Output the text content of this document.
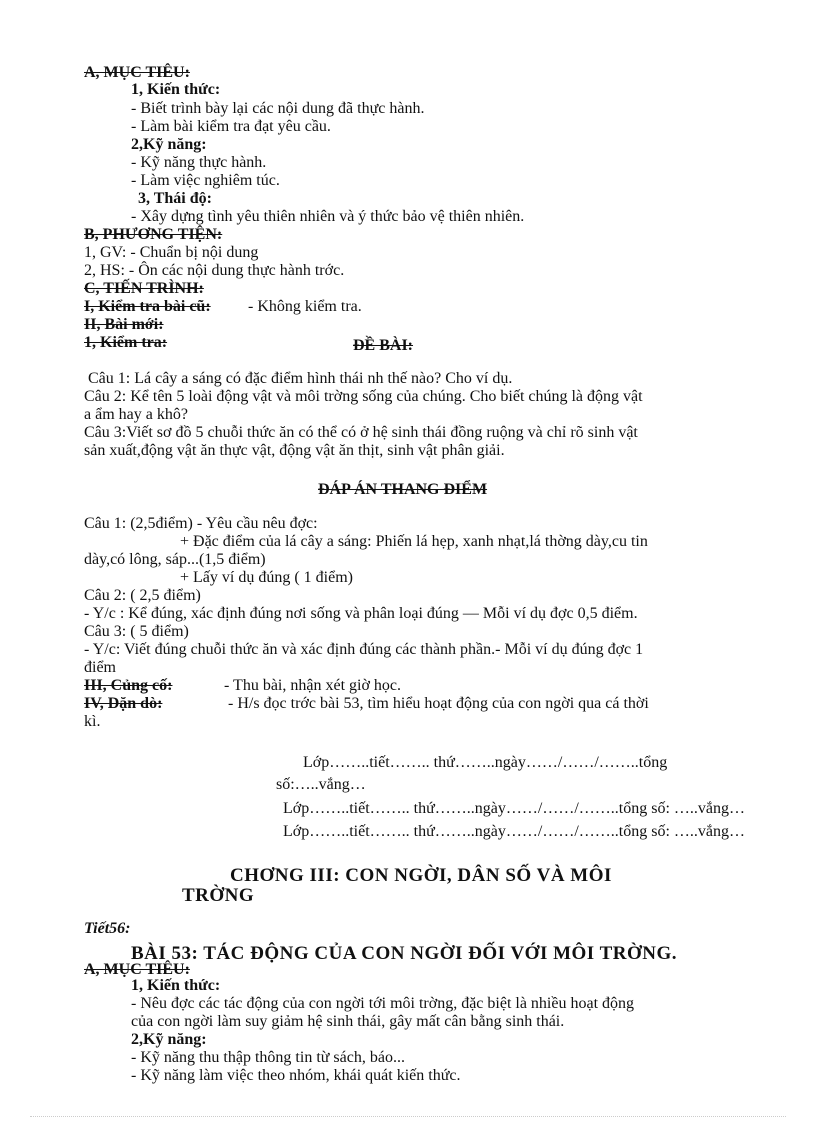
A, MỤC TIÊU:
1, Kiến thức:
- Biết trình bày lại các nội dung đã thực hành.
- Làm bài kiểm tra đạt yêu cầu.
2,Kỹ năng:
- Kỹ năng thực hành.
- Làm việc nghiêm túc.
3, Thái độ:
- Xây dựng tình yêu thiên nhiên và ý thức bảo vệ thiên nhiên.
B, PHƯƠNG TIỆN:
1, GV: - Chuẩn bị nội dung
2, HS: - Ôn các nội dung thực hành trớc.
C, TIẾN TRÌNH:
I, Kiểm tra bài cũ: - Không kiểm tra.
II, Bài mới:
1, Kiểm tra:	ĐỀ BÀI:
Câu 1: Lá cây a sáng có đặc điểm hình thái nh thế nào? Cho ví dụ.
Câu 2: Kể tên 5 loài động vật và môi trờng sống của chúng. Cho biết chúng là động vật
a ẩm hay a khô?
Câu 3:Viết sơ đồ 5 chuỗi thức ăn có thể có ở hệ sinh thái đồng ruộng và chỉ rõ sinh vật
sản xuất,động vật ăn thực vật, động vật ăn thịt, sinh vật phân giải.
ĐÁP ÁN THANG ĐIỂM
Câu 1: (2,5điểm) - Yêu cầu nêu đợc:
+ Đặc điểm của lá cây a sáng: Phiến lá hẹp, xanh nhạt,lá thờng dày,cu tin
dày,có lông, sáp...(1,5 điểm)
+ Lấy ví dụ đúng ( 1 điểm)
Câu 2: ( 2,5 điểm)
- Y/c : Kể đúng, xác định đúng nơi sống và phân loại đúng — Mỗi ví dụ đợc 0,5 điểm.
Câu 3: ( 5 điểm)
- Y/c: Viết đúng chuỗi thức ăn và xác định đúng các thành phần.- Mỗi ví dụ đúng đợc 1
điểm
III, Củng cố:	- Thu bài, nhận xét giờ học.
IV, Dặn dò:	- H/s đọc trớc bài 53, tìm hiểu hoạt động của con ngời qua cá thời
kì.
Lớp……..tiết…….. thứ……..ngày……/……/……..tổng
số:…..vắng…
Lớp……..tiết…….. thứ……..ngày……/……/……..tổng số: …..vắng…
Lớp……..tiết…….. thứ……..ngày……/……/……..tổng số: …..vắng…
CHƠNG III: CON NGỜI, DÂN SỐ VÀ MÔI
TRỜNG
Tiết56:
BÀI 53: TÁC ĐỘNG CỦA CON NGỜI ĐỐI VỚI MÔI TRỜNG.
A, MỤC TIÊU:
1, Kiến thức:
- Nêu đợc các tác động của con ngời tới môi trờng, đặc biệt là nhiều hoạt động
của con ngời làm suy giảm hệ sinh thái, gây mất cân bằng sinh thái.
2,Kỹ năng:
- Kỹ năng thu thập thông tin từ sách, báo...
- Kỹ năng làm việc theo nhóm, khái quát kiến thức.
